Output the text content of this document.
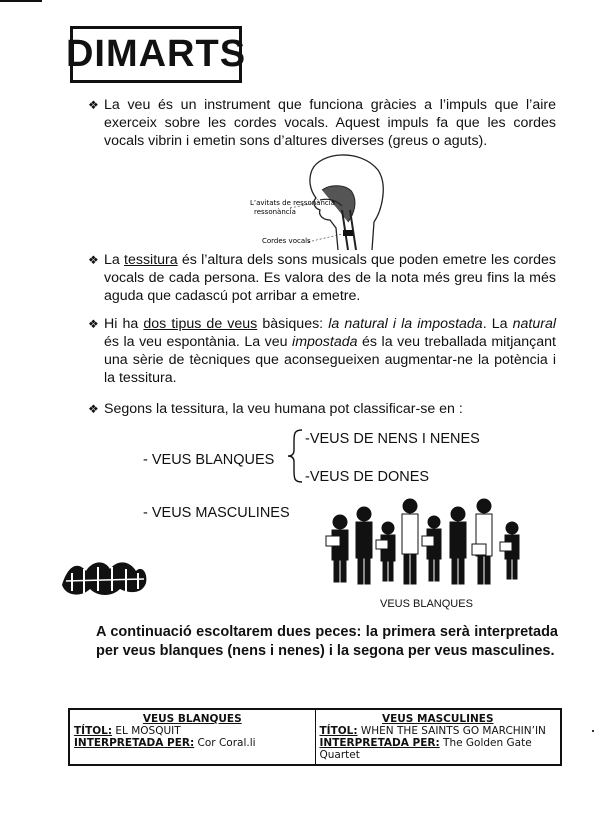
DIMARTS
❖ La veu és un instrument que funciona gràcies a l’impuls que l’aire exerceix sobre les cordes vocals. Aquest impuls fa que les cordes vocals vibrin i emetin sons d’altures diverses (greus o aguts).

L’avitats de ressonància
ressonància
Cordes vocals
❖ La tessitura és l’altura dels sons musicals que poden emetre les cordes vocals de cada persona. Es valora des de la nota més greu fins la més aguda que cadascú pot arribar a emetre.

❖ Hi ha dos tipus de veus bàsiques: la natural i la impostada. La natural és la veu espontània. La veu impostada és la veu treballada mitjançant una sèrie de tècniques que aconsegueixen augmentar-ne la potència i la tessitura.

❖ Segons la tessitura, la veu humana pot classificar-se en :

- VEUS BLANQUES
-VEUS DE NENS I NENES
-VEUS DE DONES
- VEUS MASCULINES
VEUS BLANQUES
A continuació escoltarem dues peces: la primera serà interpretada per veus blanques (nens i nenes) i la segona per veus masculines.
VEUS BLANQUES
TÍTOL: EL MOSQUIT
INTERPRETADA PER: Cor Coral.li

VEUS MASCULINES
TÍTOL: WHEN THE SAINTS GO MARCHIN’IN
INTERPRETADA PER: The Golden Gate Quartet
